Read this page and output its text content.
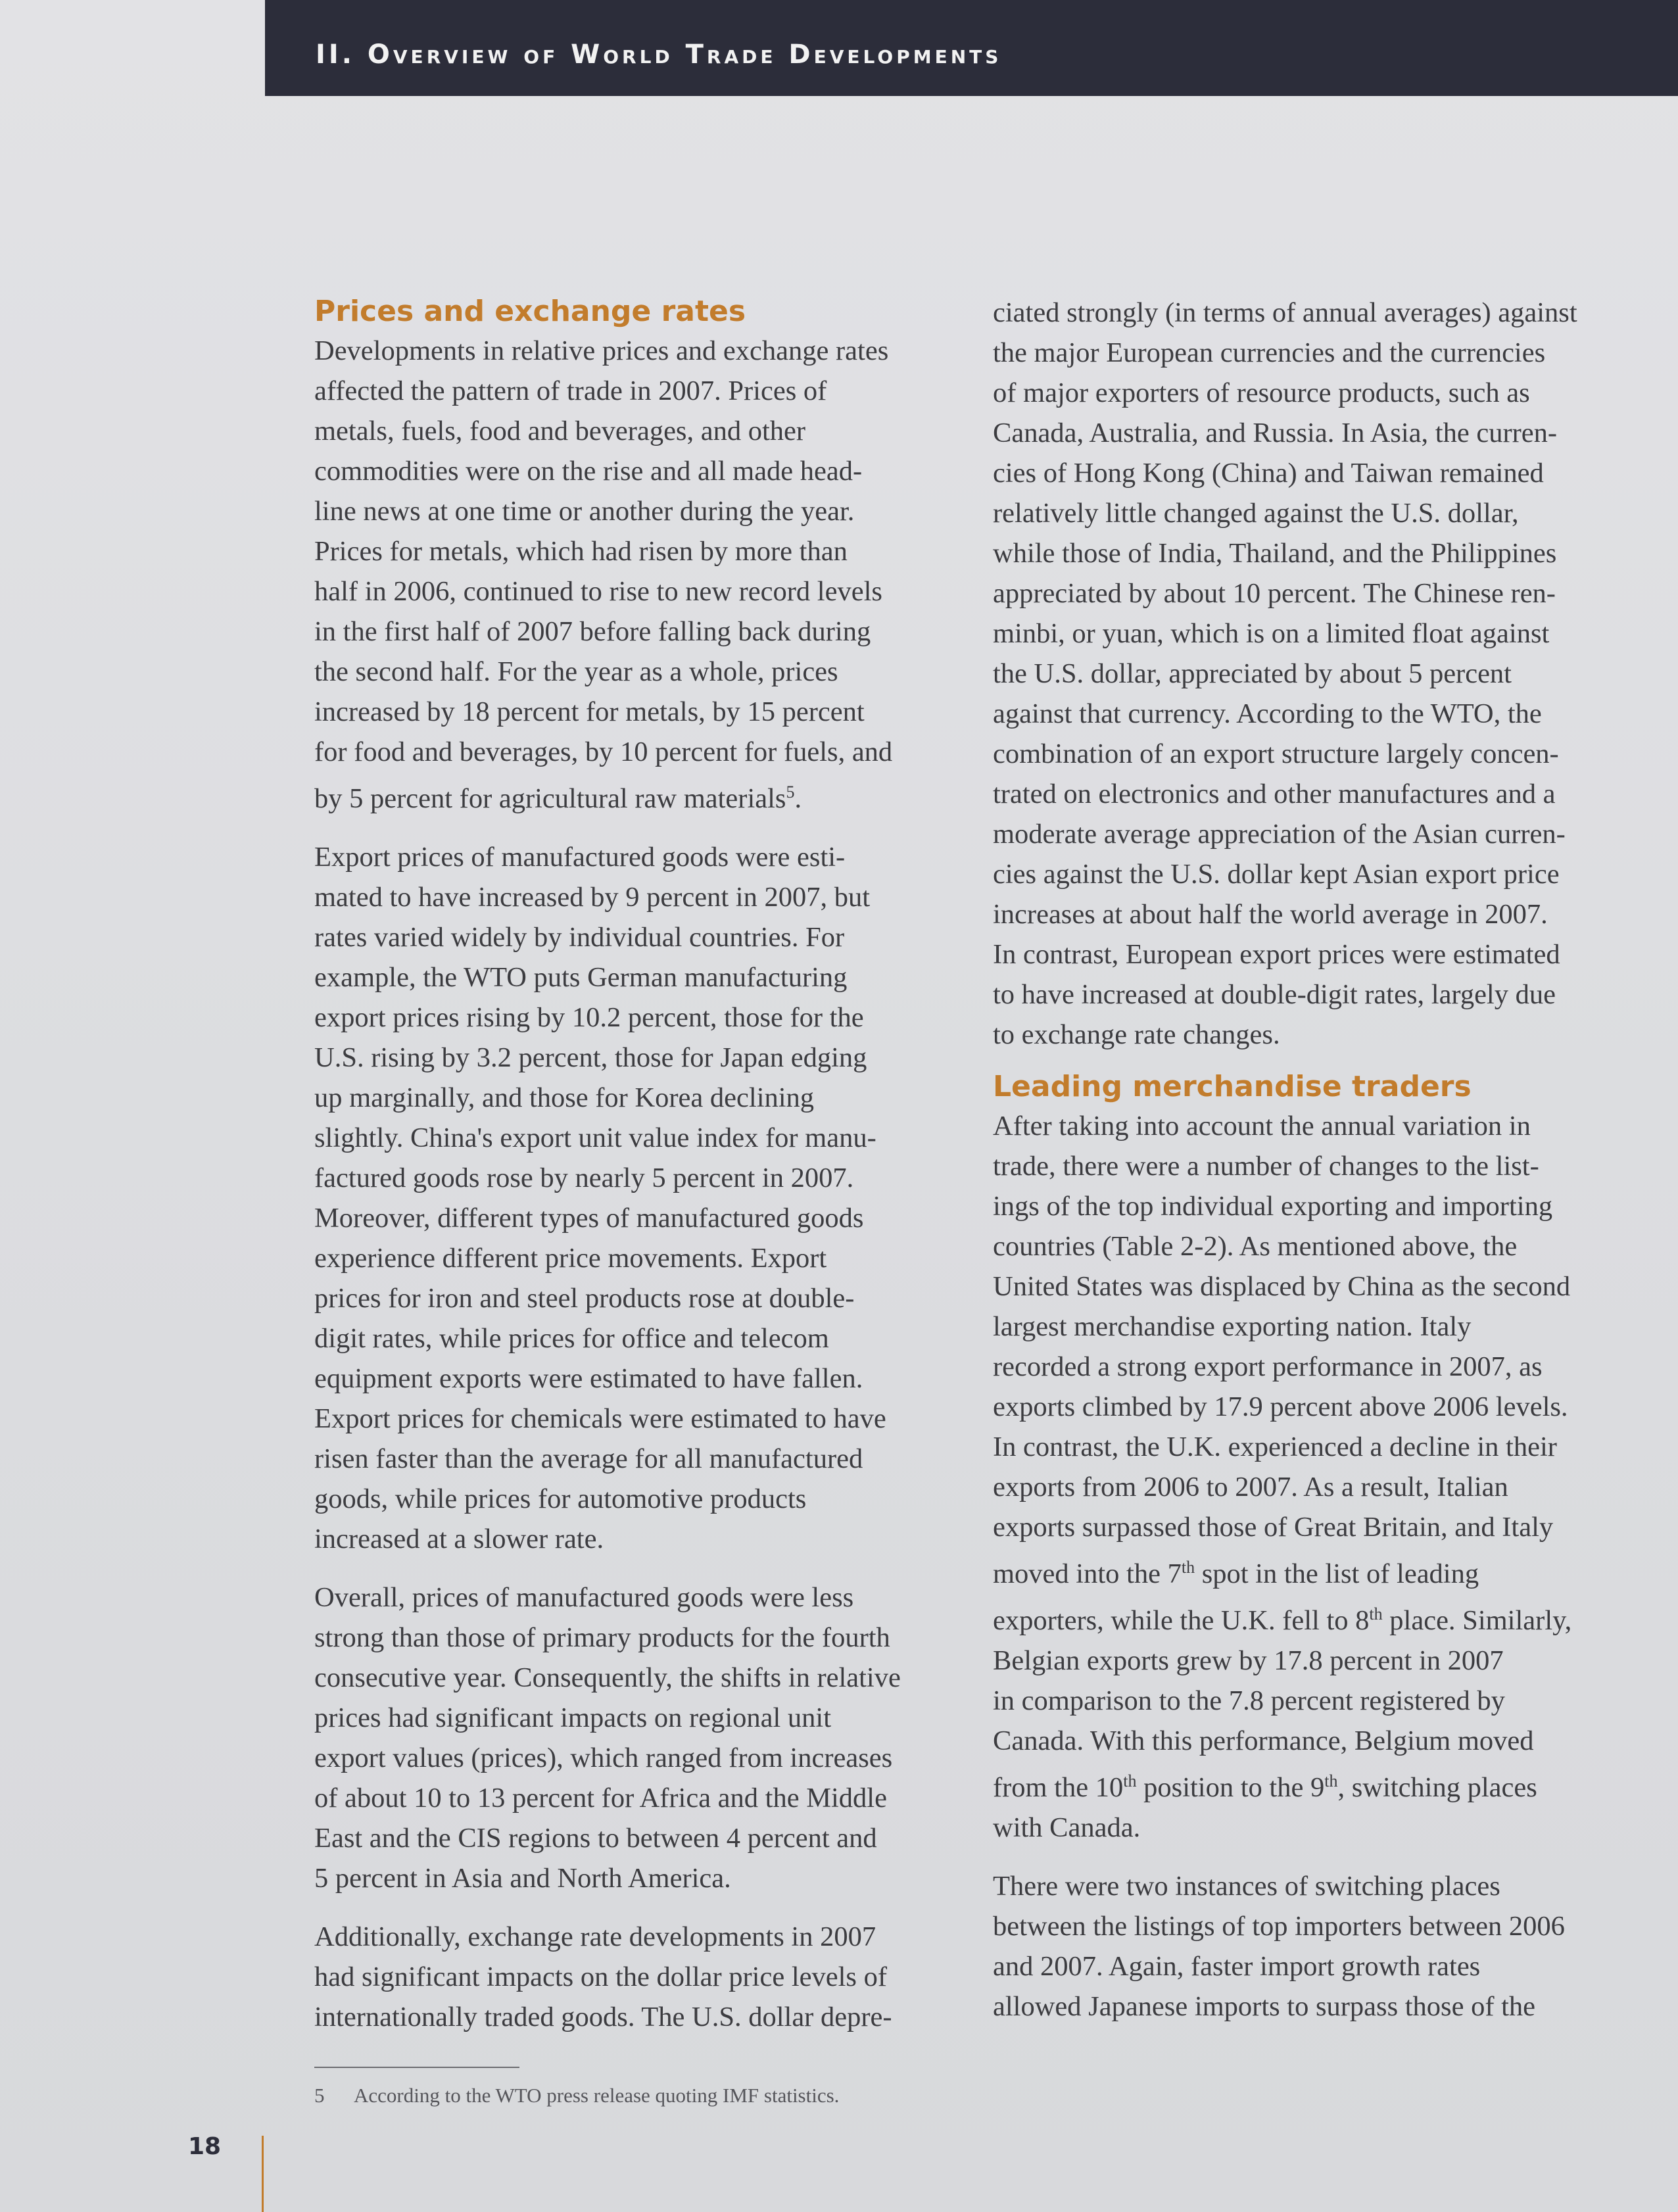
II. Overview of World Trade Developments
Prices and exchange rates

Developments in relative prices and exchange rates
affected the pattern of trade in 2007. Prices of
metals, fuels, food and beverages, and other
commodities were on the rise and all made head-
line news at one time or another during the year.
Prices for metals, which had risen by more than
half in 2006, continued to rise to new record levels
in the first half of 2007 before falling back during
the second half. For the year as a whole, prices
increased by 18 percent for metals, by 15 percent
for food and beverages, by 10 percent for fuels, and
by 5 percent for agricultural raw materials$^5$.

Export prices of manufactured goods were esti-
mated to have increased by 9 percent in 2007, but
rates varied widely by individual countries. For
example, the WTO puts German manufacturing
export prices rising by 10.2 percent, those for the
U.S. rising by 3.2 percent, those for Japan edging
up marginally, and those for Korea declining
slightly. China's export unit value index for manu-
factured goods rose by nearly 5 percent in 2007.
Moreover, different types of manufactured goods
experience different price movements. Export
prices for iron and steel products rose at double-
digit rates, while prices for office and telecom
equipment exports were estimated to have fallen.
Export prices for chemicals were estimated to have
risen faster than the average for all manufactured
goods, while prices for automotive products
increased at a slower rate.

Overall, prices of manufactured goods were less
strong than those of primary products for the fourth
consecutive year. Consequently, the shifts in relative
prices had significant impacts on regional unit
export values (prices), which ranged from increases
of about 10 to 13 percent for Africa and the Middle
East and the CIS regions to between 4 percent and
5 percent in Asia and North America.

Additionally, exchange rate developments in 2007
had significant impacts on the dollar price levels of
internationally traded goods. The U.S. dollar depre-

ciated strongly (in terms of annual averages) against
the major European currencies and the currencies
of major exporters of resource products, such as
Canada, Australia, and Russia. In Asia, the curren-
cies of Hong Kong (China) and Taiwan remained
relatively little changed against the U.S. dollar,
while those of India, Thailand, and the Philippines
appreciated by about 10 percent. The Chinese ren-
minbi, or yuan, which is on a limited float against
the U.S. dollar, appreciated by about 5 percent
against that currency. According to the WTO, the
combination of an export structure largely concen-
trated on electronics and other manufactures and a
moderate average appreciation of the Asian curren-
cies against the U.S. dollar kept Asian export price
increases at about half the world average in 2007.
In contrast, European export prices were estimated
to have increased at double-digit rates, largely due
to exchange rate changes.

Leading merchandise traders

After taking into account the annual variation in
trade, there were a number of changes to the list-
ings of the top individual exporting and importing
countries (Table 2-2). As mentioned above, the
United States was displaced by China as the second
largest merchandise exporting nation. Italy
recorded a strong export performance in 2007, as
exports climbed by 17.9 percent above 2006 levels.
In contrast, the U.K. experienced a decline in their
exports from 2006 to 2007. As a result, Italian
exports surpassed those of Great Britain, and Italy
moved into the 7th spot in the list of leading
exporters, while the U.K. fell to 8th place. Similarly,
Belgian exports grew by 17.8 percent in 2007
in comparison to the 7.8 percent registered by
Canada. With this performance, Belgium moved
from the 10th position to the 9th, switching places
with Canada.

There were two instances of switching places
between the listings of top importers between 2006
and 2007. Again, faster import growth rates
allowed Japanese imports to surpass those of the

5 According to the WTO press release quoting IMF statistics.
18
